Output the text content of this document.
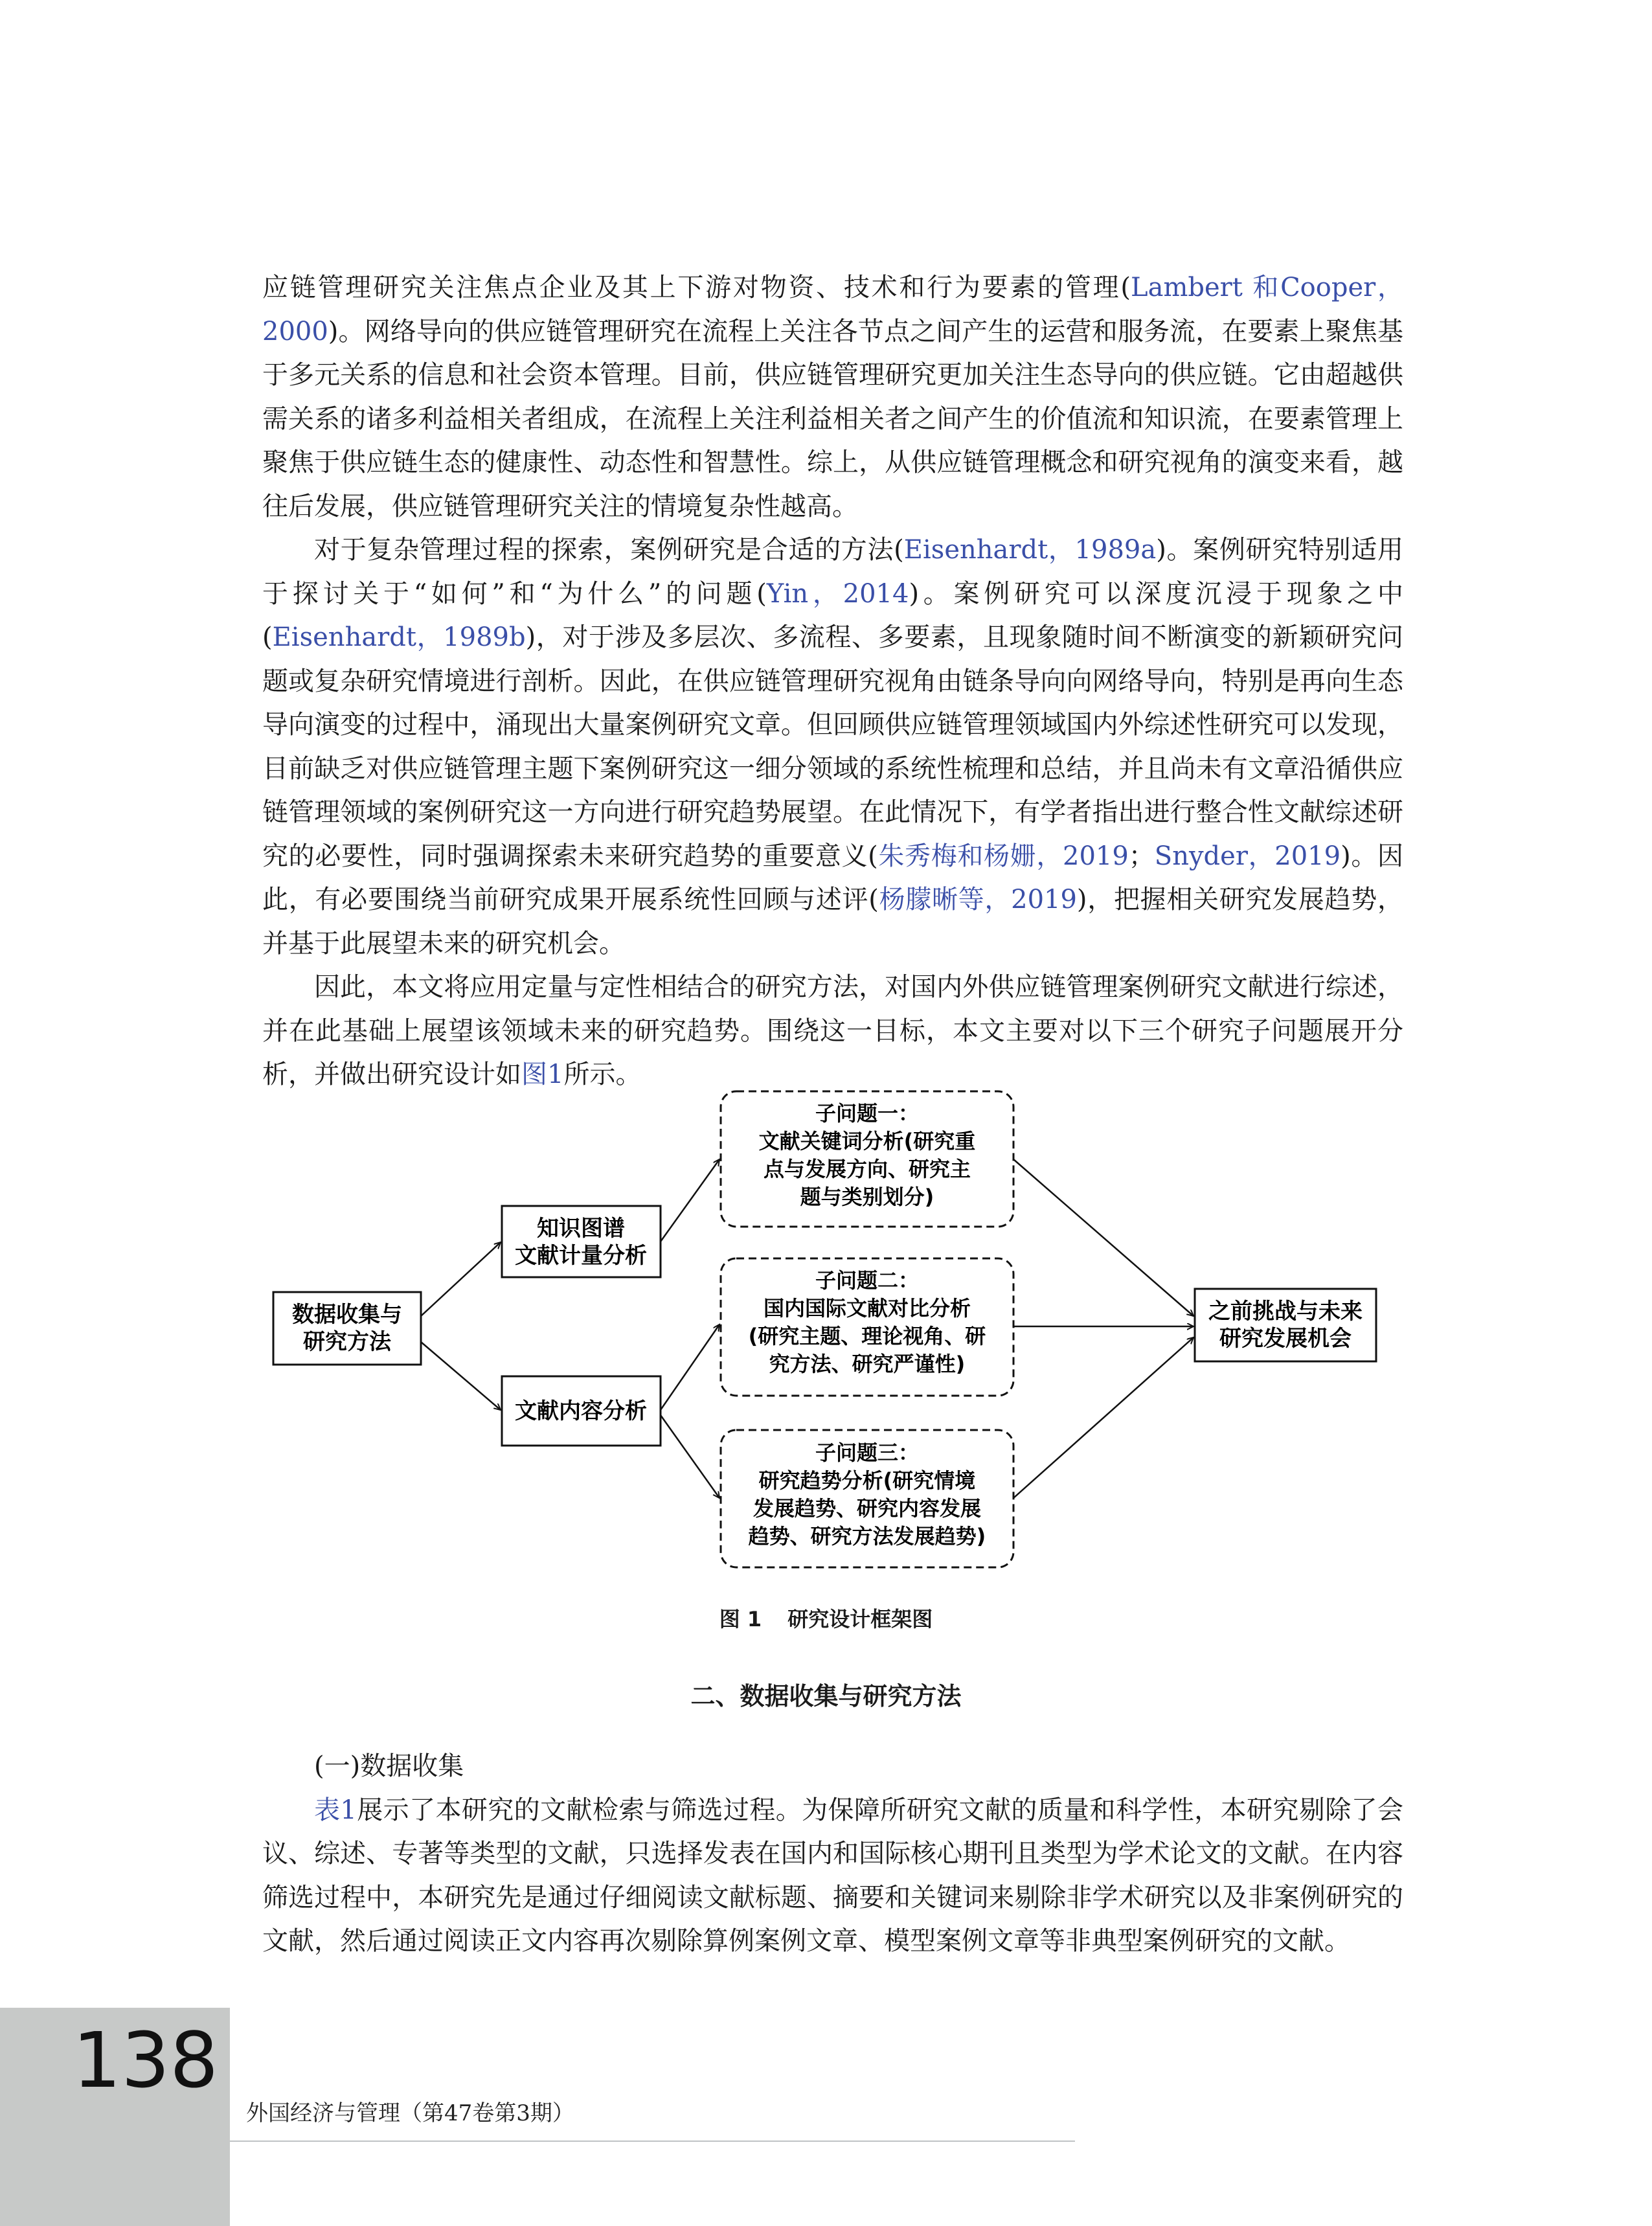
应链管理研究关注焦点企业及其上下游对物资、技术和行为要素的管理(Lambert 和Cooper，2000)。网络导向的供应链管理研究在流程上关注各节点之间产生的运营和服务流，在要素上聚焦基于多元关系的信息和社会资本管理。目前，供应链管理研究更加关注生态导向的供应链。它由超越供需关系的诸多利益相关者组成，在流程上关注利益相关者之间产生的价值流和知识流，在要素管理上聚焦于供应链生态的健康性、动态性和智慧性。综上，从供应链管理概念和研究视角的演变来看，越往后发展，供应链管理研究关注的情境复杂性越高。

对于复杂管理过程的探索，案例研究是合适的方法(Eisenhardt，1989a)。案例研究特别适用于探讨关于“如何”和“为什么”的问题(Yin，2014)。案例研究可以深度沉浸于现象之中(Eisenhardt，1989b)，对于涉及多层次、多流程、多要素，且现象随时间不断演变的新颖研究问题或复杂研究情境进行剖析。因此，在供应链管理研究视角由链条导向向网络导向，特别是再向生态导向演变的过程中，涌现出大量案例研究文章。但回顾供应链管理领域国内外综述性研究可以发现，目前缺乏对供应链管理主题下案例研究这一细分领域的系统性梳理和总结，并且尚未有文章沿循供应链管理领域的案例研究这一方向进行研究趋势展望。在此情况下，有学者指出进行整合性文献综述研究的必要性，同时强调探索未来研究趋势的重要意义(朱秀梅和杨姗，2019；Snyder，2019)。因此，有必要围绕当前研究成果开展系统性回顾与述评(杨朦晰等，2019)，把握相关研究发展趋势，并基于此展望未来的研究机会。

因此，本文将应用定量与定性相结合的研究方法，对国内外供应链管理案例研究文献进行综述，并在此基础上展望该领域未来的研究趋势。围绕这一目标，本文主要对以下三个研究子问题展开分析，并做出研究设计如图1所示。

数据收集与
研究方法
知识图谱
文献计量分析
文献内容分析
子问题一：
文献关键词分析(研究重
点与发展方向、研究主
题与类别划分)
子问题二：
国内国际文献对比分析
(研究主题、理论视角、研
究方法、研究严谨性)
子问题三：
研究趋势分析(研究情境
发展趋势、研究内容发展
趋势、研究方法发展趋势)
之前挑战与未来
研究发展机会
图 1 研究设计框架图
二、数据收集与研究方法

(一)数据收集

表1展示了本研究的文献检索与筛选过程。为保障所研究文献的质量和科学性，本研究剔除了会议、综述、专著等类型的文献，只选择发表在国内和国际核心期刊且类型为学术论文的文献。在内容筛选过程中，本研究先是通过仔细阅读文献标题、摘要和关键词来剔除非学术研究以及非案例研究的文献，然后通过阅读正文内容再次剔除算例案例文章、模型案例文章等非典型案例研究的文献。

138
外国经济与管理（第47卷第3期）
